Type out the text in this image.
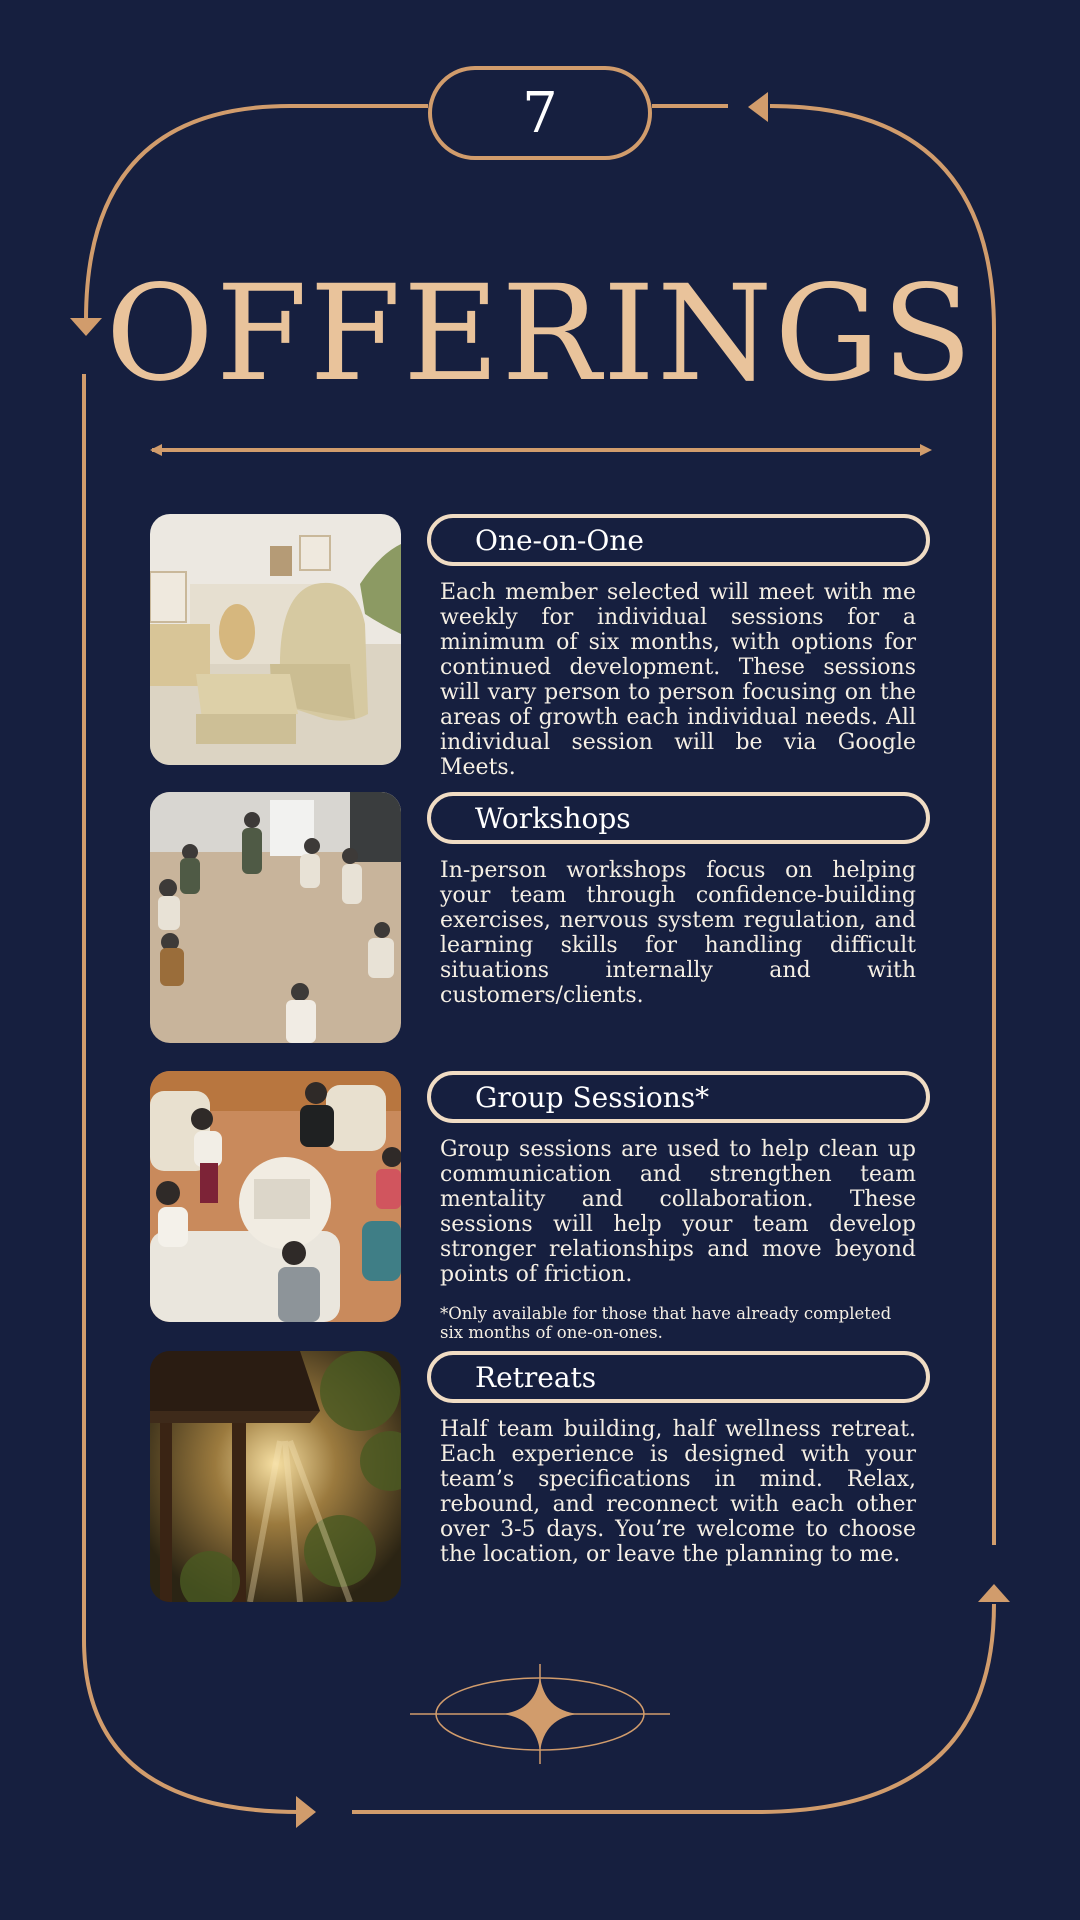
7
OFFERINGS
One-on-One

Each member selected will meet with me weekly for individual sessions for a minimum of six months, with options for continued development. These sessions will vary person to person focusing on the areas of growth each individual needs. All individual session will be via Google Meets.

Workshops

In-person workshops focus on helping your team through confidence-building exercises, nervous system regulation, and learning skills for handling difficult situations internally and with customers/clients.

Group Sessions*

Group sessions are used to help clean up communication and strengthen team mentality and collaboration. These sessions will help your team develop stronger relationships and move beyond points of friction.

*Only available for those that have already completed six months of one-on-ones.

Retreats

Half team building, half wellness retreat. Each experience is designed with your team’s specifications in mind. Relax, rebound, and reconnect with each other over 3-5 days. You’re welcome to choose the location, or leave the planning to me.
